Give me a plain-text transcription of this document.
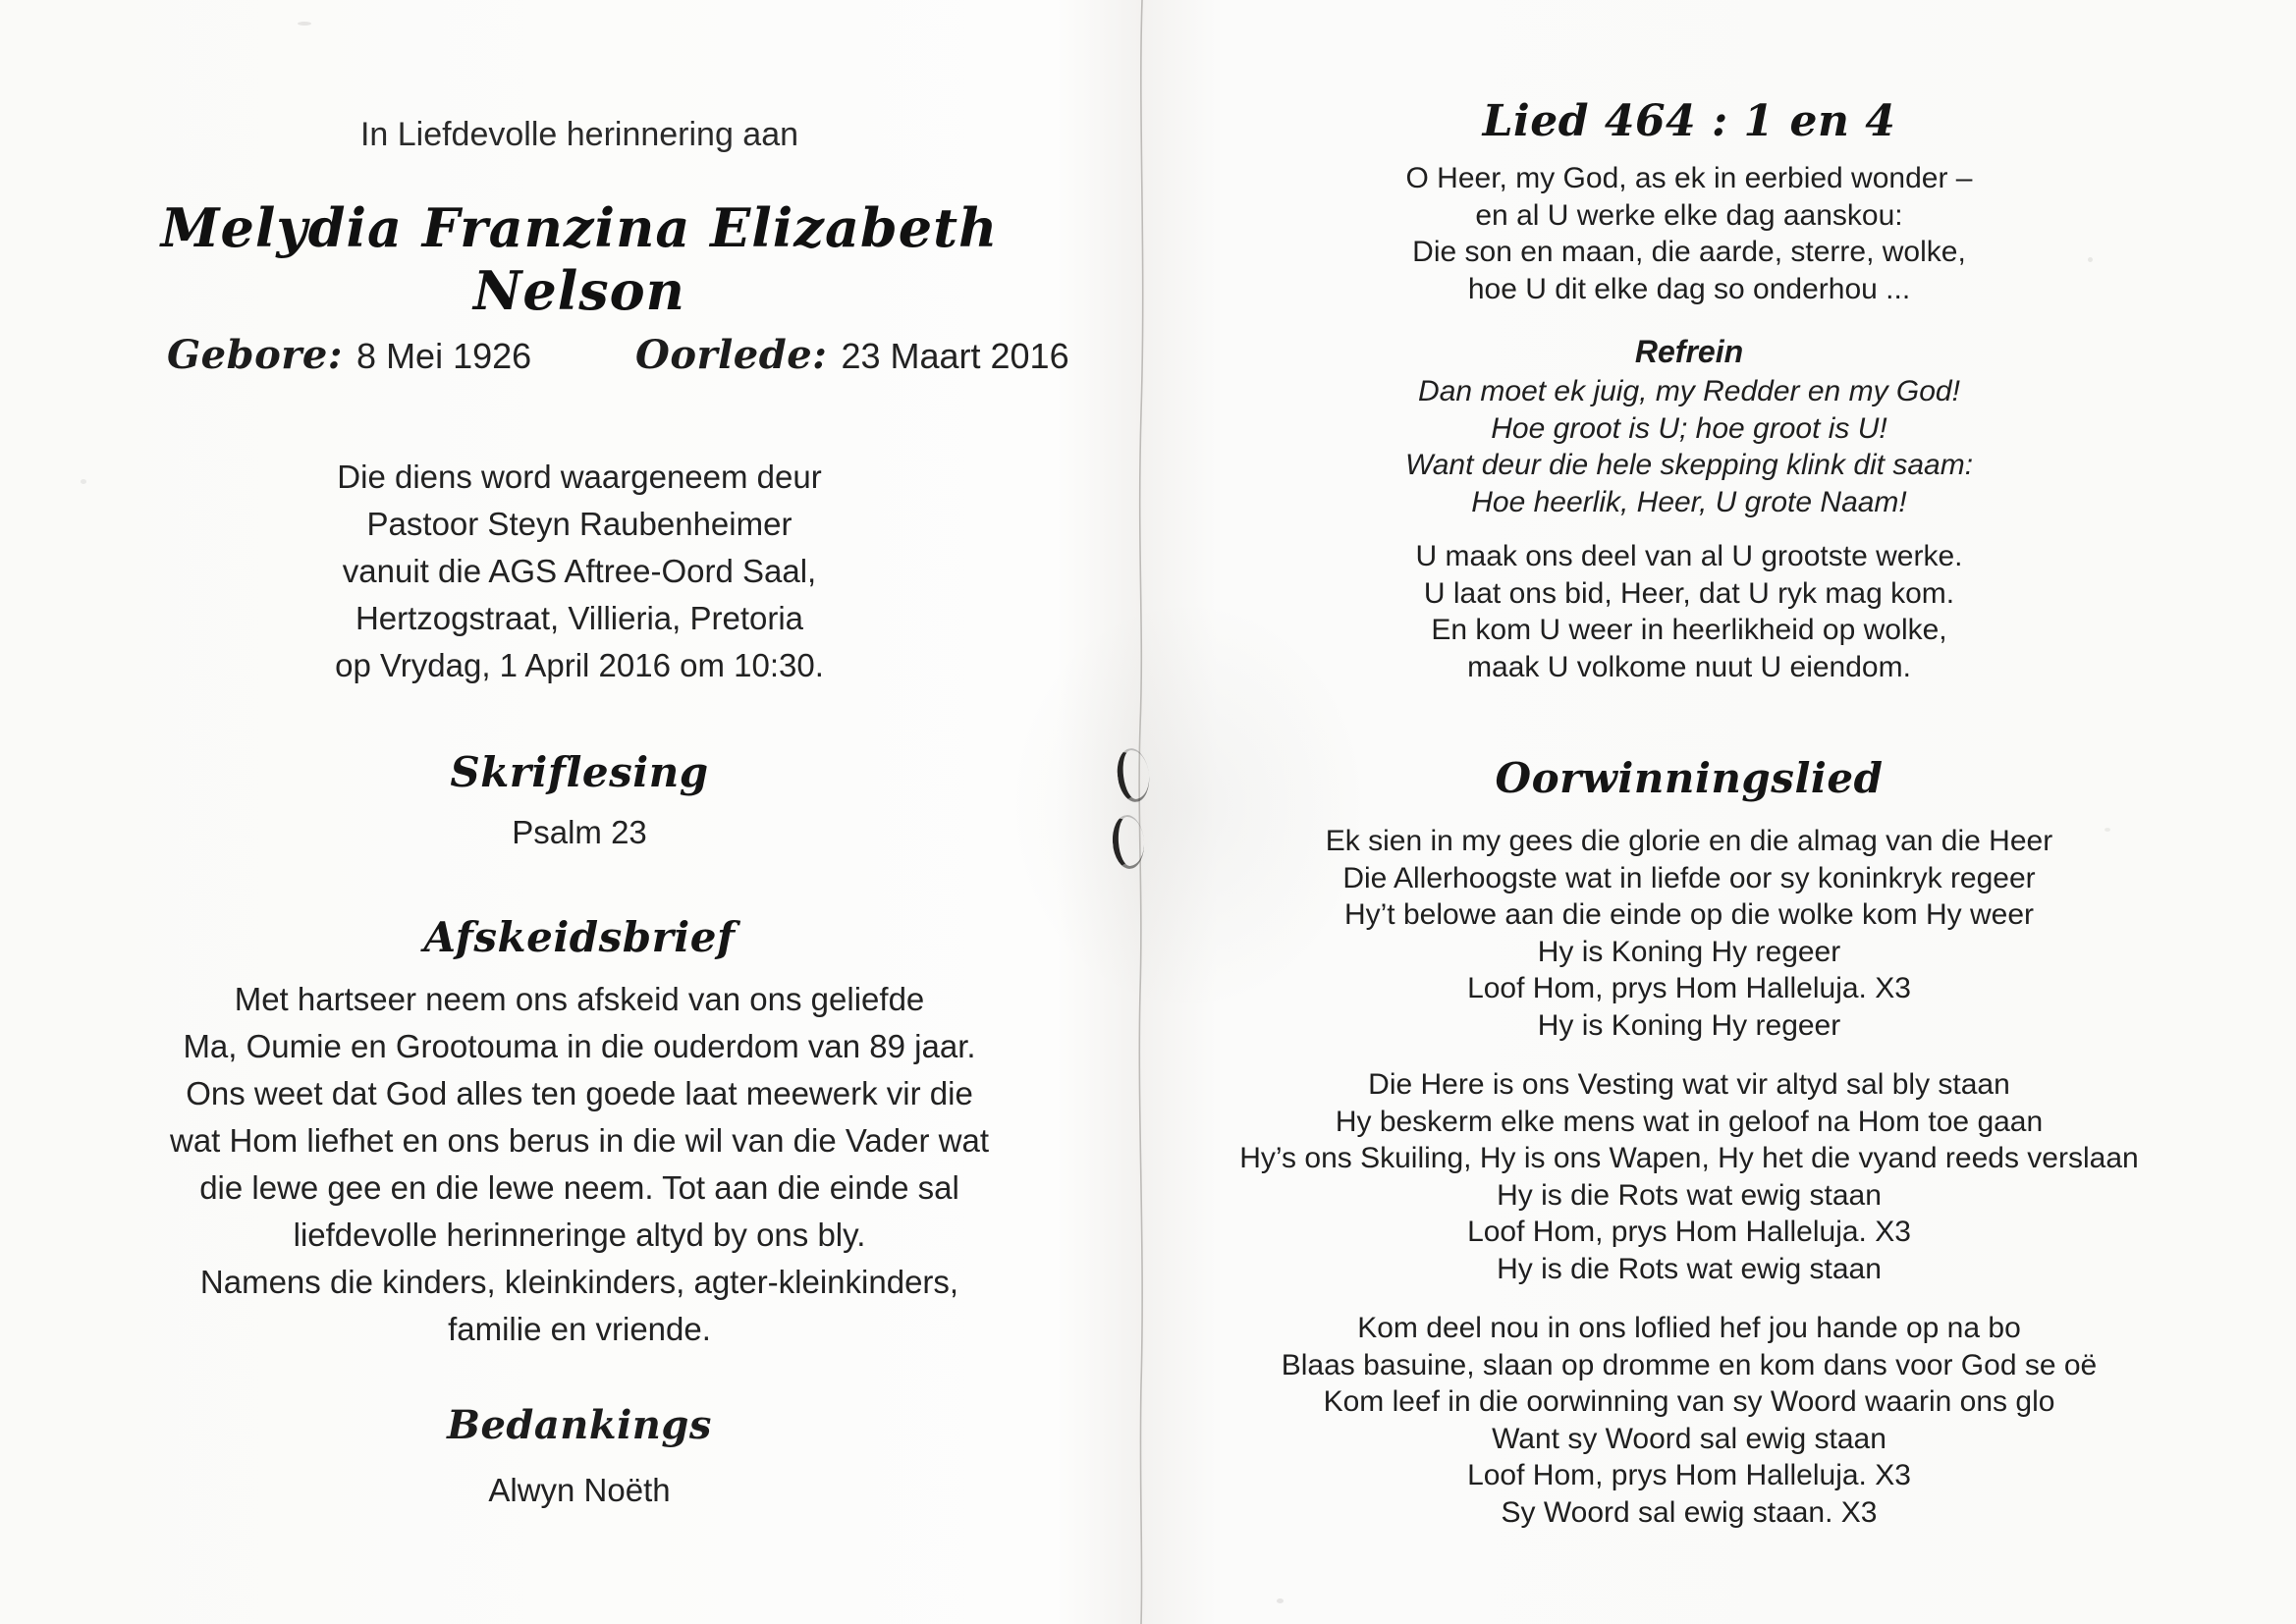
In Liefdevolle herinnering aan
Melydia Franzina Elizabeth Nelson
Gebore: 8 Mei 1926	Oorlede: 23 Maart 2016
Die diens word waargeneem deur
Pastoor Steyn Raubenheimer
vanuit die AGS Aftree-Oord Saal,
Hertzogstraat, Villieria, Pretoria
op Vrydag, 1 April 2016 om 10:30.
Skriflesing
Psalm 23
Afskeidsbrief
Met hartseer neem ons afskeid van ons geliefde
Ma, Oumie en Grootouma in die ouderdom van 89 jaar.
Ons weet dat God alles ten goede laat meewerk vir die
wat Hom liefhet en ons berus in die wil van die Vader wat
die lewe gee en die lewe neem. Tot aan die einde sal
liefdevolle herinneringe altyd by ons bly.
Namens die kinders, kleinkinders, agter-kleinkinders,
familie en vriende.
Bedankings
Alwyn Noëth
Lied 464 : 1 en 4
O Heer, my God, as ek in eerbied wonder –
en al U werke elke dag aanskou:
Die son en maan, die aarde, sterre, wolke,
hoe U dit elke dag so onderhou ...
Refrein
Dan moet ek juig, my Redder en my God!
Hoe groot is U; hoe groot is U!
Want deur die hele skepping klink dit saam:
Hoe heerlik, Heer, U grote Naam!
U maak ons deel van al U grootste werke.
U laat ons bid, Heer, dat U ryk mag kom.
En kom U weer in heerlikheid op wolke,
maak U volkome nuut U eiendom.
Oorwinningslied
Ek sien in my gees die glorie en die almag van die Heer
Die Allerhoogste wat in liefde oor sy koninkryk regeer
Hy’t belowe aan die einde op die wolke kom Hy weer
Hy is Koning Hy regeer
Loof Hom, prys Hom Halleluja. X3
Hy is Koning Hy regeer
Die Here is ons Vesting wat vir altyd sal bly staan
Hy beskerm elke mens wat in geloof na Hom toe gaan
Hy’s ons Skuiling, Hy is ons Wapen, Hy het die vyand reeds verslaan
Hy is die Rots wat ewig staan
Loof Hom, prys Hom Halleluja. X3
Hy is die Rots wat ewig staan
Kom deel nou in ons loflied hef jou hande op na bo
Blaas basuine, slaan op dromme en kom dans voor God se oë
Kom leef in die oorwinning van sy Woord waarin ons glo
Want sy Woord sal ewig staan
Loof Hom, prys Hom Halleluja. X3
Sy Woord sal ewig staan. X3
